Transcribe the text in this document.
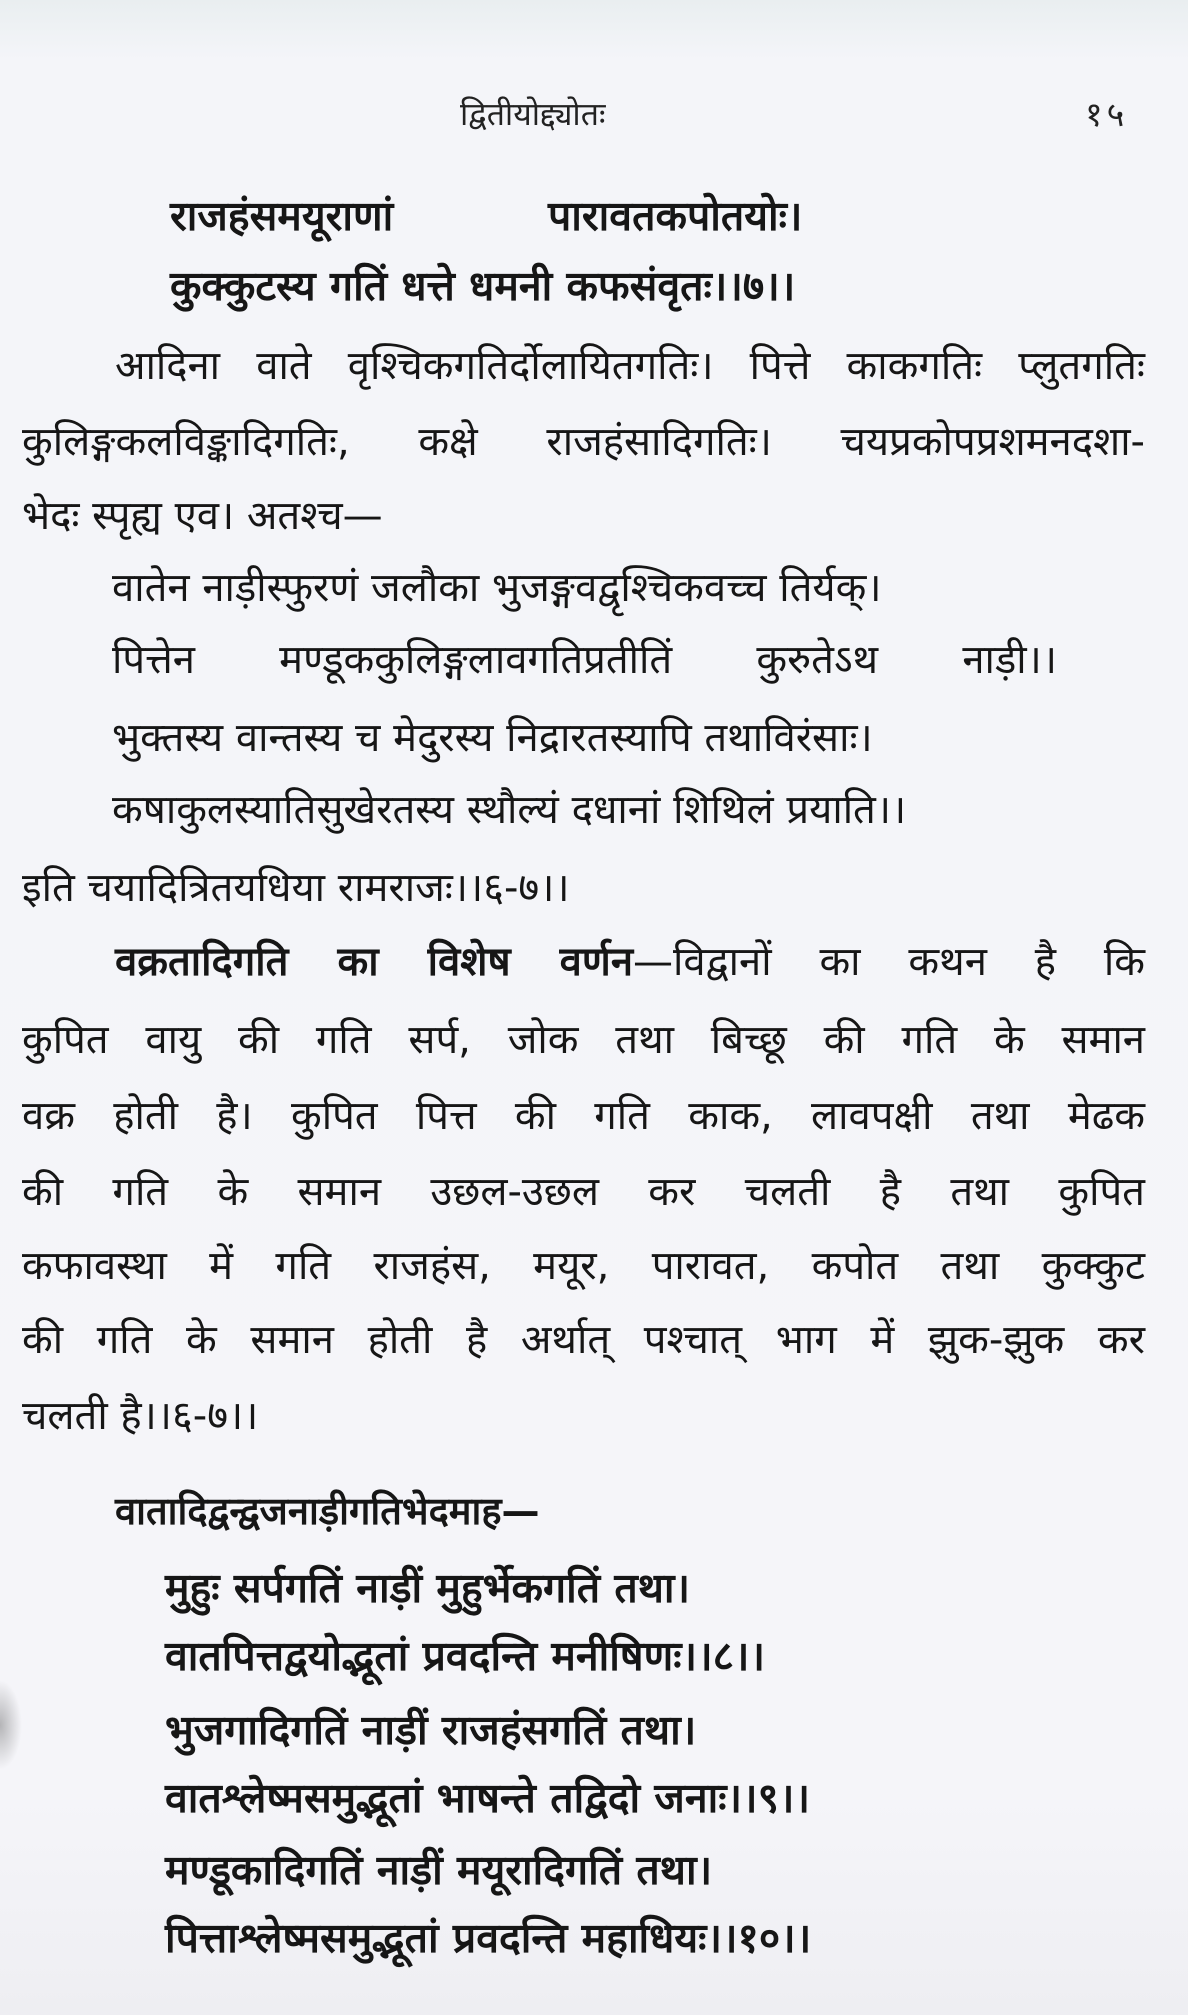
द्वितीयोद्द्योतः	१५
राजहंसमयूराणां	पारावतकपोतयोः।
कुक्कुटस्य गतिं धत्ते धमनी कफसंवृतः।।७।।
आदिना वाते वृश्चिकगतिर्दोलायितगतिः। पित्ते काकगतिः प्लुतगतिः
कुलिङ्गकलविङ्कादिगतिः, कक्षे राजहंसादिगतिः। चयप्रकोपप्रशमनदशा-
भेदः स्पृह्य एव। अतश्च—
वातेन नाड़ीस्फुरणं जलौका भुजङ्गवद्वृश्चिकवच्च तिर्यक्।
पित्तेन मण्डूककुलिङ्गलावगतिप्रतीतिं कुरुतेऽथ नाड़ी।।
भुक्तस्य वान्तस्य च मेदुरस्य निद्रारतस्यापि तथाविरंसाः।
कषाकुलस्यातिसुखेरतस्य स्थौल्यं दधानां शिथिलं प्रयाति।।
इति चयादित्रितयधिया रामराजः।।६-७।।
वक्रतादिगति का विशेष वर्णन—विद्वानों का कथन है कि
कुपित वायु की गति सर्प, जोक तथा बिच्छू की गति के समान
वक्र होती है। कुपित पित्त की गति काक, लावपक्षी तथा मेढक
की गति के समान उछल-उछल कर चलती है तथा कुपित
कफावस्था में गति राजहंस, मयूर, पारावत, कपोत तथा कुक्कुट
की गति के समान होती है अर्थात् पश्चात् भाग में झुक-झुक कर
चलती है।।६-७।।
वातादिद्वन्द्वजनाड़ीगतिभेदमाह—
मुहुः सर्पगतिं नाड़ीं मुहुर्भेकगतिं तथा।
वातपित्तद्वयोद्भूतां प्रवदन्ति मनीषिणः।।८।।
भुजगादिगतिं नाड़ीं राजहंसगतिं तथा।
वातश्लेष्मसमुद्भूतां भाषन्ते तद्विदो जनाः।।९।।
मण्डूकादिगतिं नाड़ीं मयूरादिगतिं तथा।
पित्ताश्लेष्मसमुद्भूतां प्रवदन्ति महाधियः।।१०।।
